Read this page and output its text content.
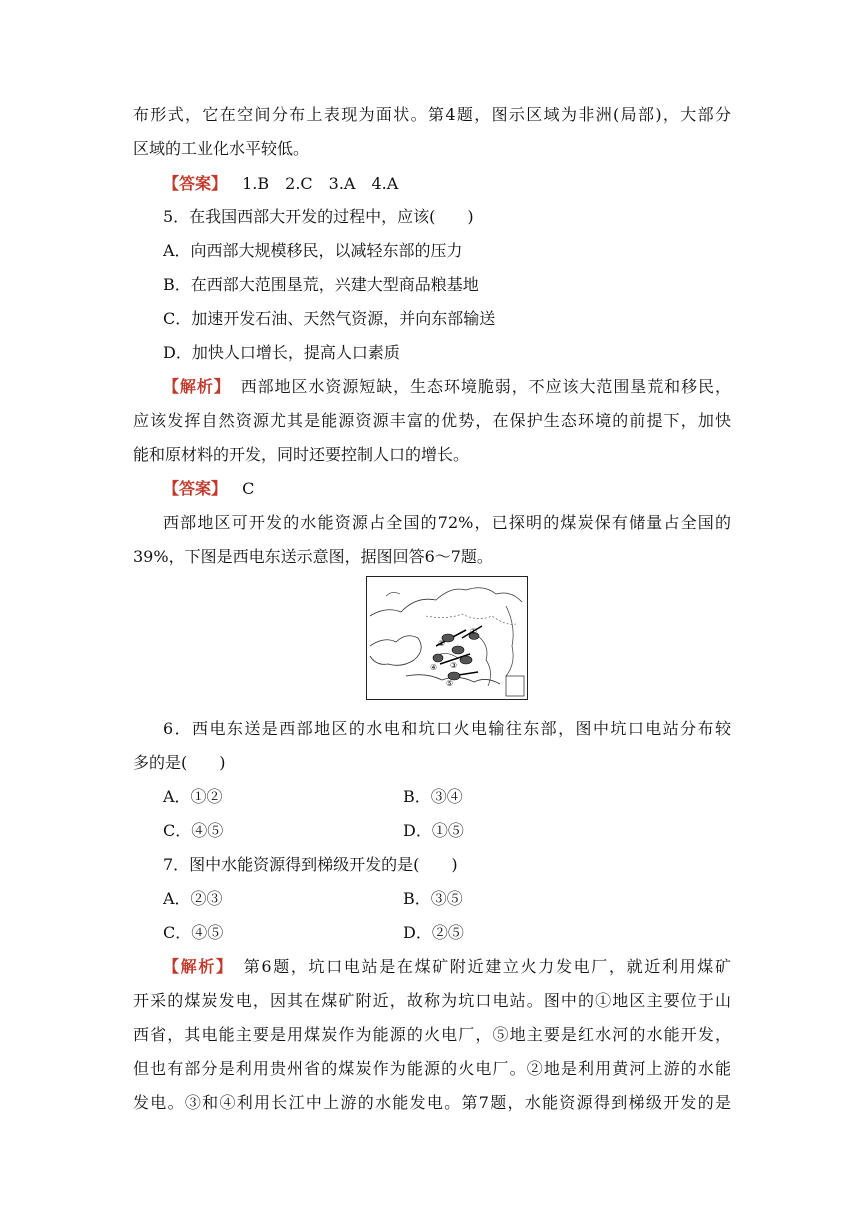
布形式，它在空间分布上表现为面状。第4题，图示区域为非洲(局部)，大部分
区域的工业化水平较低。
【答案】 1.B　2.C　3.A　4.A
5．在我国西部大开发的过程中，应该(　　)
A．向西部大规模移民，以减轻东部的压力
B．在西部大范围垦荒，兴建大型商品粮基地
C．加速开发石油、天然气资源，并向东部输送
D．加快人口增长，提高人口素质
【解析】 西部地区水资源短缺，生态环境脆弱，不应该大范围垦荒和移民，
应该发挥自然资源尤其是能源资源丰富的优势，在保护生态环境的前提下，加快
能和原材料的开发，同时还要控制人口的增长。
【答案】 C
西部地区可开发的水能资源占全国的72%，已探明的煤炭保有储量占全国的
39%，下图是西电东送示意图，据图回答6～7题。
①
②
③
④
⑤
6．西电东送是西部地区的水电和坑口火电输往东部，图中坑口电站分布较
多的是(　　)
A．①②	B．③④
C．④⑤	D．①⑤
7．图中水能资源得到梯级开发的是(　　)
A．②③	B．③⑤
C．④⑤	D．②⑤
【解析】 第6题，坑口电站是在煤矿附近建立火力发电厂，就近利用煤矿
开采的煤炭发电，因其在煤矿附近，故称为坑口电站。图中的①地区主要位于山
西省，其电能主要是用煤炭作为能源的火电厂，⑤地主要是红水河的水能开发，
但也有部分是利用贵州省的煤炭作为能源的火电厂。②地是利用黄河上游的水能
发电。③和④利用长江中上游的水能发电。第7题，水能资源得到梯级开发的是
